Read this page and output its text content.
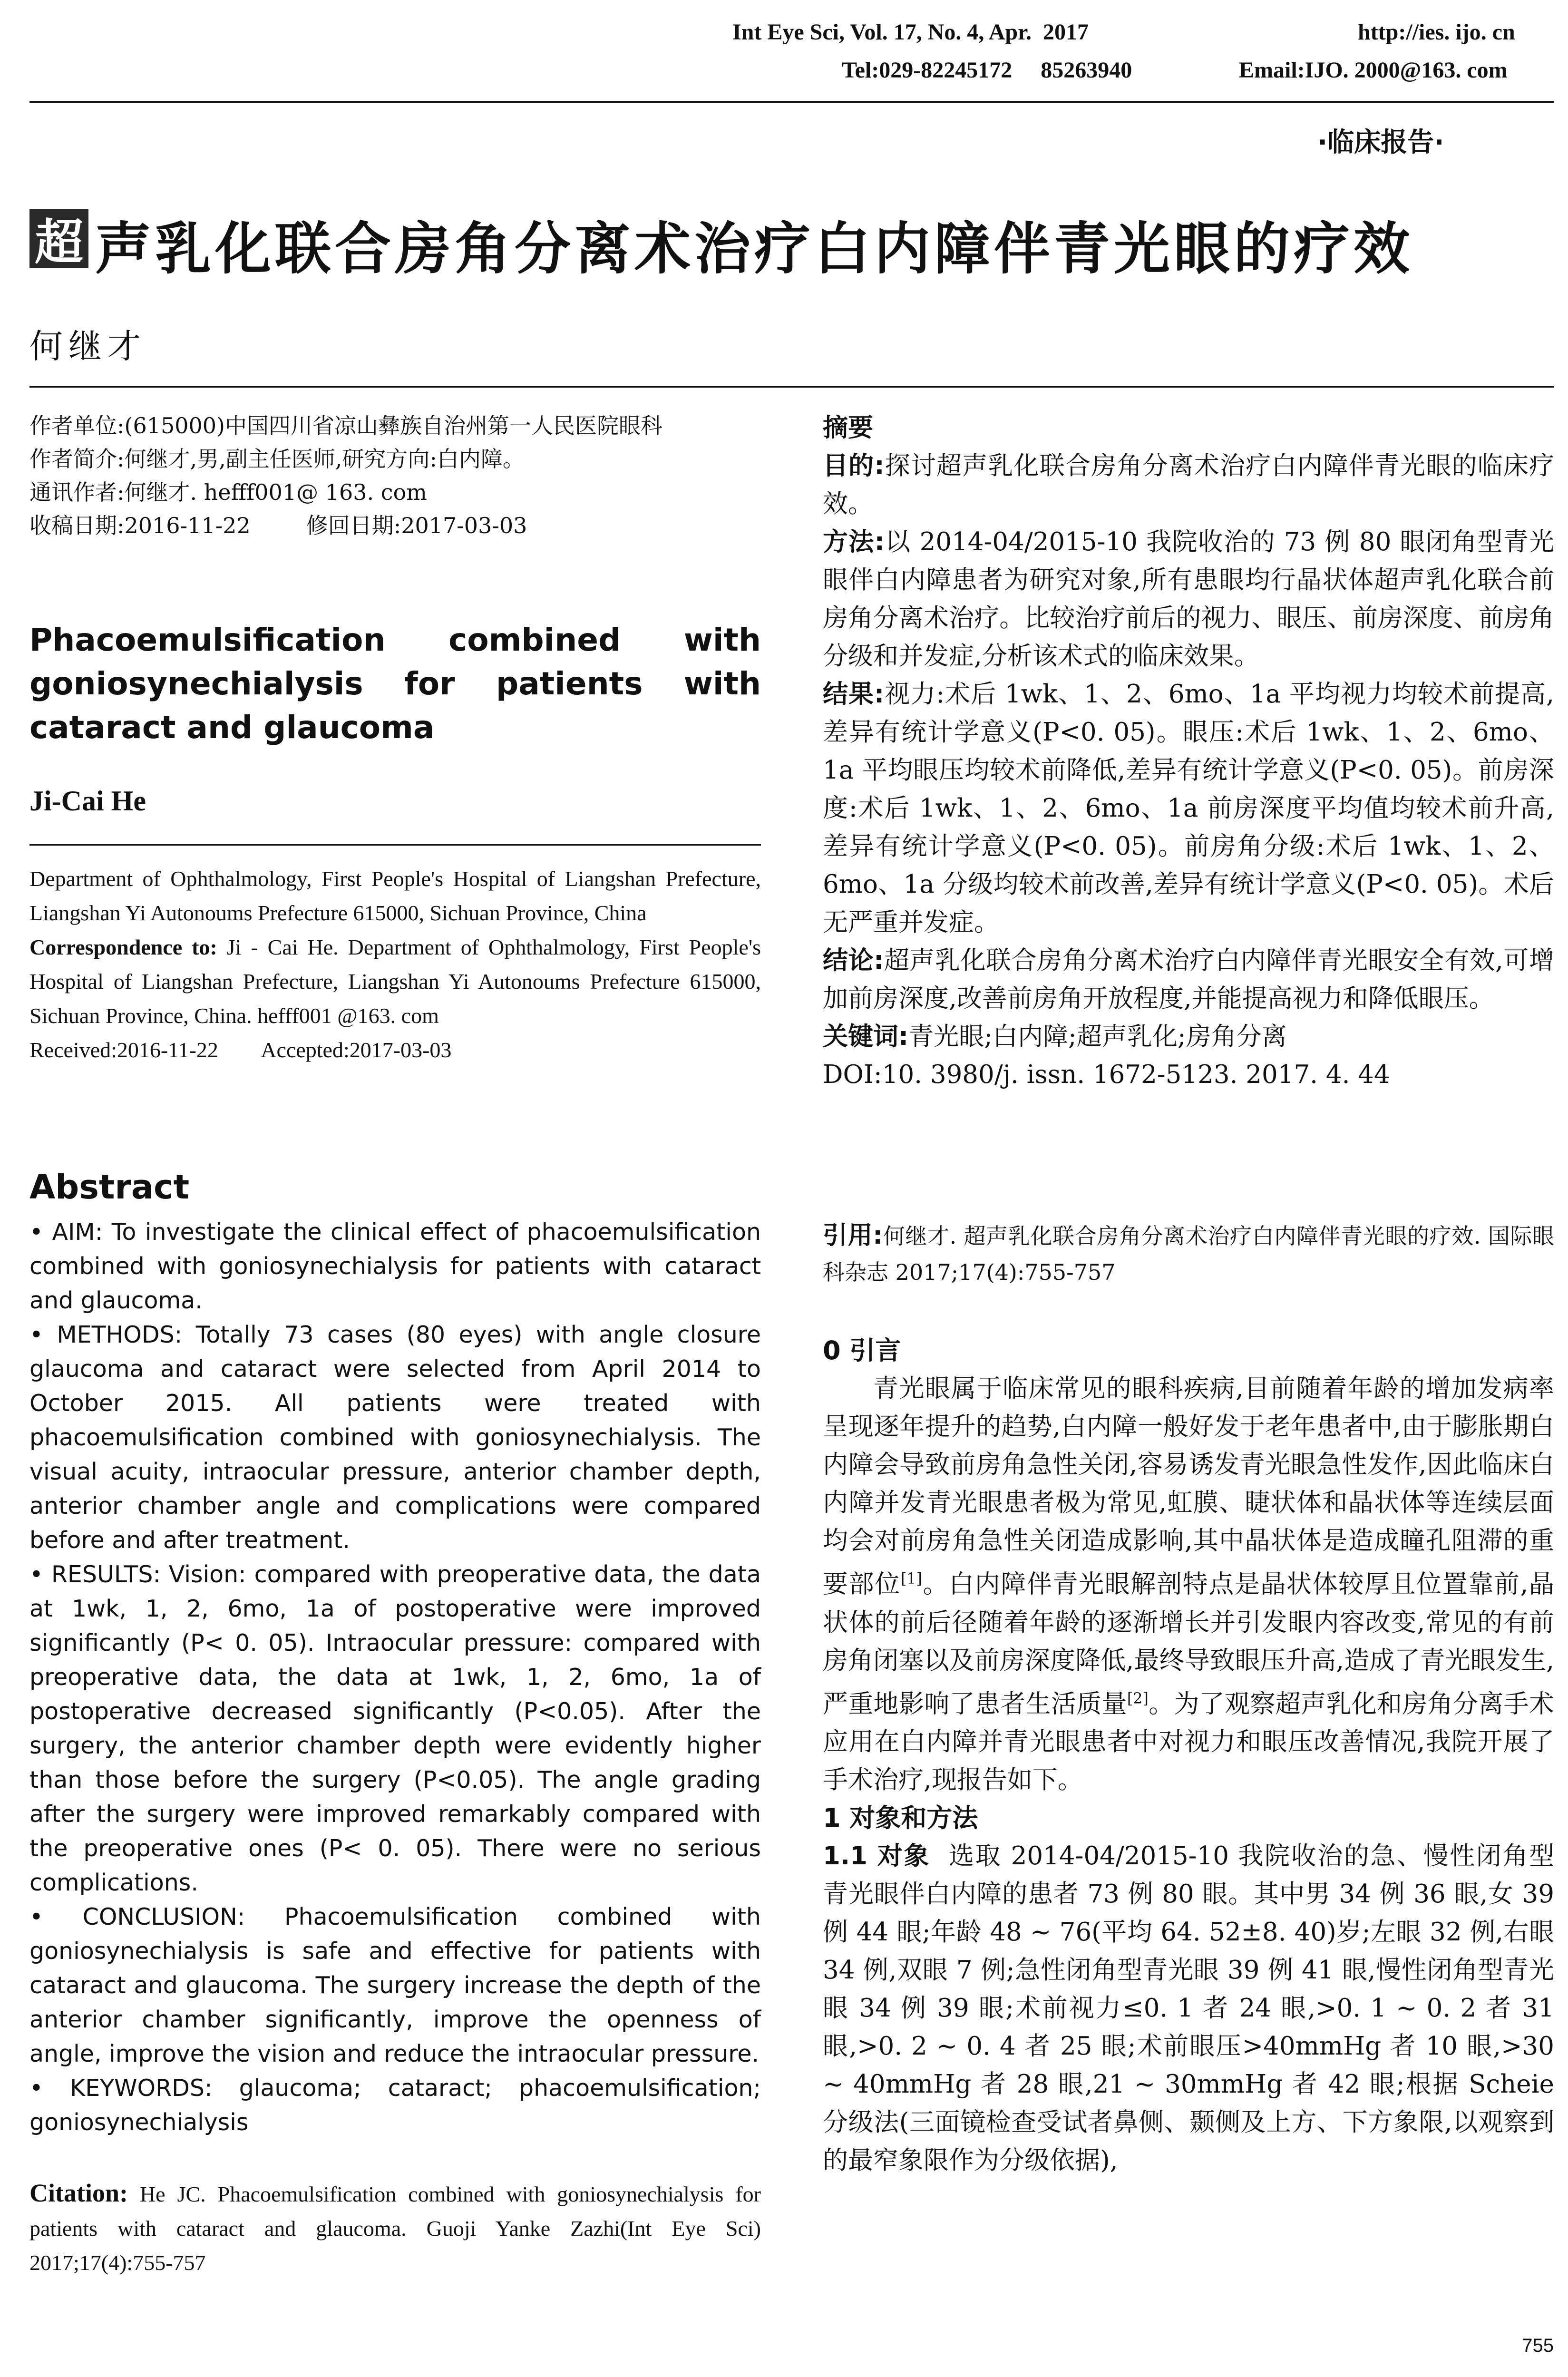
Int Eye Sci, Vol. 17, No. 4, Apr.  2017	http://ies. ijo. cn
Tel:029-82245172     85263940	Email:IJO. 2000@163. com
·临床报告·
超 声乳化联合房角分离术治疗白内障伴青光眼的疗效
何继才

作者单位:(615000)中国四川省凉山彝族自治州第一人民医院眼科

作者简介:何继才,男,副主任医师,研究方向:白内障。

通讯作者:何继才. hefff001@ 163. com

收稿日期:2016-11-22        修回日期:2017-03-03

Phacoemulsification combined with goniosynechialysis for patients with cataract and glaucoma
Ji-Cai He

Department of Ophthalmology, First People's Hospital of Liangshan Prefecture, Liangshan Yi Autonoums Prefecture 615000, Sichuan Province, China

Correspondence to: Ji - Cai He. Department of Ophthalmology, First People's Hospital of Liangshan Prefecture, Liangshan Yi Autonoums Prefecture 615000, Sichuan Province, China. hefff001 @163. com

Received:2016-11-22        Accepted:2017-03-03

Abstract

• AIM: To investigate the clinical effect of phacoemulsification combined with goniosynechialysis for patients with cataract and glaucoma.

• METHODS: Totally 73 cases (80 eyes) with angle closure glaucoma and cataract were selected from April 2014 to October 2015. All patients were treated with phacoemulsification combined with goniosynechialysis. The visual acuity, intraocular pressure, anterior chamber depth, anterior chamber angle and complications were compared before and after treatment.

• RESULTS: Vision: compared with preoperative data, the data at 1wk, 1, 2, 6mo, 1a of postoperative were improved significantly (P< 0. 05). Intraocular pressure: compared with preoperative data, the data at 1wk, 1, 2, 6mo, 1a of postoperative decreased significantly (P<0.05). After the surgery, the anterior chamber depth were evidently higher than those before the surgery (P<0.05). The angle grading after the surgery were improved remarkably compared with the preoperative ones (P< 0. 05). There were no serious complications.

• CONCLUSION: Phacoemulsification combined with goniosynechialysis is safe and effective for patients with cataract and glaucoma. The surgery increase the depth of the anterior chamber significantly, improve the openness of angle, improve the vision and reduce the intraocular pressure.

• KEYWORDS: glaucoma; cataract; phacoemulsification; goniosynechialysis

Citation: He JC. Phacoemulsification combined with goniosynechialysis for patients with cataract and glaucoma. Guoji Yanke Zazhi(Int Eye Sci) 2017;17(4):755-757

摘要

目的:探讨超声乳化联合房角分离术治疗白内障伴青光眼的临床疗效。

方法:以 2014-04/2015-10 我院收治的 73 例 80 眼闭角型青光眼伴白内障患者为研究对象,所有患眼均行晶状体超声乳化联合前房角分离术治疗。比较治疗前后的视力、眼压、前房深度、前房角分级和并发症,分析该术式的临床效果。

结果:视力:术后 1wk、1、2、6mo、1a 平均视力均较术前提高,差异有统计学意义(P<0. 05)。眼压:术后 1wk、1、2、6mo、1a 平均眼压均较术前降低,差异有统计学意义(P<0. 05)。前房深度:术后 1wk、1、2、6mo、1a 前房深度平均值均较术前升高,差异有统计学意义(P<0. 05)。前房角分级:术后 1wk、1、2、6mo、1a 分级均较术前改善,差异有统计学意义(P<0. 05)。术后无严重并发症。

结论:超声乳化联合房角分离术治疗白内障伴青光眼安全有效,可增加前房深度,改善前房角开放程度,并能提高视力和降低眼压。

关键词:青光眼;白内障;超声乳化;房角分离

DOI:10. 3980/j. issn. 1672-5123. 2017. 4. 44

引用:何继才. 超声乳化联合房角分离术治疗白内障伴青光眼的疗效. 国际眼科杂志 2017;17(4):755-757

0 引言

青光眼属于临床常见的眼科疾病,目前随着年龄的增加发病率呈现逐年提升的趋势,白内障一般好发于老年患者中,由于膨胀期白内障会导致前房角急性关闭,容易诱发青光眼急性发作,因此临床白内障并发青光眼患者极为常见,虹膜、睫状体和晶状体等连续层面均会对前房角急性关闭造成影响,其中晶状体是造成瞳孔阻滞的重要部位[1]。白内障伴青光眼解剖特点是晶状体较厚且位置靠前,晶状体的前后径随着年龄的逐渐增长并引发眼内容改变,常见的有前房角闭塞以及前房深度降低,最终导致眼压升高,造成了青光眼发生,严重地影响了患者生活质量[2]。为了观察超声乳化和房角分离手术应用在白内障并青光眼患者中对视力和眼压改善情况,我院开展了手术治疗,现报告如下。

1 对象和方法

1.1 对象 选取 2014-04/2015-10 我院收治的急、慢性闭角型青光眼伴白内障的患者 73 例 80 眼。其中男 34 例 36 眼,女 39 例 44 眼;年龄 48 ~ 76(平均 64. 52±8. 40)岁;左眼 32 例,右眼 34 例,双眼 7 例;急性闭角型青光眼 39 例 41 眼,慢性闭角型青光眼 34 例 39 眼;术前视力≤0. 1 者 24 眼,>0. 1 ~ 0. 2 者 31 眼,>0. 2 ~ 0. 4 者 25 眼;术前眼压>40mmHg 者 10 眼,>30 ~ 40mmHg 者 28 眼,21 ~ 30mmHg 者 42 眼;根据 Scheie 分级法(三面镜检查受试者鼻侧、颞侧及上方、下方象限,以观察到的最窄象限作为分级依据),

755
